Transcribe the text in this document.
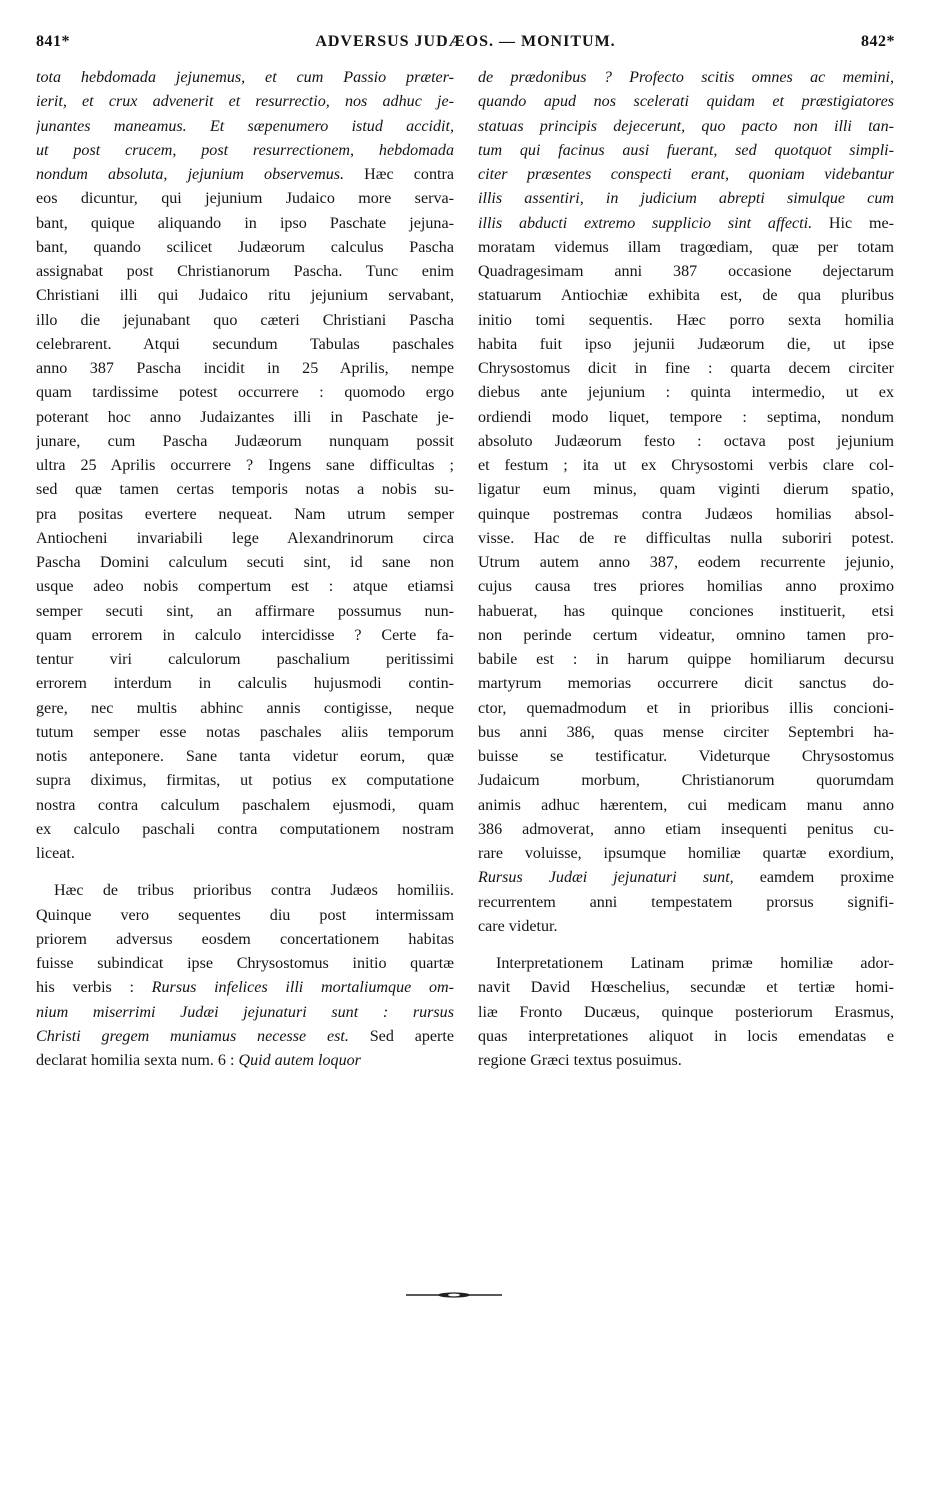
841*	ADVERSUS JUDÆOS. — MONITUM.	842*

tota hebdomada jejunemus, et cum Passio præter-
ierit, et crux advenerit et resurrectio, nos adhuc je-
junantes maneamus. Et sæpenumero istud accidit,
ut post crucem, post resurrectionem, hebdomada
nondum absoluta, jejunium observemus. Hæc contra
eos dicuntur, qui jejunium Judaico more serva-
bant, quique aliquando in ipso Paschate jejuna-
bant, quando scilicet Judæorum calculus Pascha
assignabat post Christianorum Pascha. Tunc enim
Christiani illi qui Judaico ritu jejunium servabant,
illo die jejunabant quo cæteri Christiani Pascha
celebrarent. Atqui secundum Tabulas paschales
anno 387 Pascha incidit in 25 Aprilis, nempe
quam tardissime potest occurrere : quomodo ergo
poterant hoc anno Judaizantes illi in Paschate je-
junare, cum Pascha Judæorum nunquam possit
ultra 25 Aprilis occurrere ? Ingens sane difficultas ;
sed quæ tamen certas temporis notas a nobis su-
pra positas evertere nequeat. Nam utrum semper
Antiocheni invariabili lege Alexandrinorum circa
Pascha Domini calculum secuti sint, id sane non
usque adeo nobis compertum est : atque etiamsi
semper secuti sint, an affirmare possumus nun-
quam errorem in calculo intercidisse ? Certe fa-
tentur viri calculorum paschalium peritissimi
errorem interdum in calculis hujusmodi contin-
gere, nec multis abhinc annis contigisse, neque
tutum semper esse notas paschales aliis temporum
notis anteponere. Sane tanta videtur eorum, quæ
supra diximus, firmitas, ut potius ex computatione
nostra contra calculum paschalem ejusmodi, quam
ex calculo paschali contra computationem nostram
liceat.

Hæc de tribus prioribus contra Judæos homiliis.
Quinque vero sequentes diu post intermissam
priorem adversus eosdem concertationem habitas
fuisse subindicat ipse Chrysostomus initio quartæ
his verbis : Rursus infelices illi mortaliumque om-
nium miserrimi Judæi jejunaturi sunt : rursus
Christi gregem muniamus necesse est. Sed aperte
declarat homilia sexta num. 6 : Quid autem loquor

de prædonibus ? Profecto scitis omnes ac memini,
quando apud nos scelerati quidam et præstigiatores
statuas principis dejecerunt, quo pacto non illi tan-
tum qui facinus ausi fuerant, sed quotquot simpli-
citer præsentes conspecti erant, quoniam videbantur
illis assentiri, in judicium abrepti simulque cum
illis abducti extremo supplicio sint affecti. Hic me-
moratam videmus illam tragœdiam, quæ per totam
Quadragesimam anni 387 occasione dejectarum
statuarum Antiochiæ exhibita est, de qua pluribus
initio tomi sequentis. Hæc porro sexta homilia
habita fuit ipso jejunii Judæorum die, ut ipse
Chrysostomus dicit in fine : quarta decem circiter
diebus ante jejunium : quinta intermedio, ut ex
ordiendi modo liquet, tempore : septima, nondum
absoluto Judæorum festo : octava post jejunium
et festum ; ita ut ex Chrysostomi verbis clare col-
ligatur eum minus, quam viginti dierum spatio,
quinque postremas contra Judæos homilias absol-
visse. Hac de re difficultas nulla suboriri potest.
Utrum autem anno 387, eodem recurrente jejunio,
cujus causa tres priores homilias anno proximo
habuerat, has quinque conciones instituerit, etsi
non perinde certum videatur, omnino tamen pro-
babile est : in harum quippe homiliarum decursu
martyrum memorias occurrere dicit sanctus do-
ctor, quemadmodum et in prioribus illis concioni-
bus anni 386, quas mense circiter Septembri ha-
buisse se testificatur. Videturque Chrysostomus
Judaicum morbum, Christianorum quorumdam
animis adhuc hærentem, cui medicam manu anno
386 admoverat, anno etiam insequenti penitus cu-
rare voluisse, ipsumque homiliæ quartæ exordium,
Rursus Judæi jejunaturi sunt, eamdem proxime
recurrentem anni tempestatem prorsus signifi-
care videtur.

Interpretationem Latinam primæ homiliæ ador-
navit David Hœschelius, secundæ et tertiæ homi-
liæ Fronto Ducæus, quinque posteriorum Erasmus,
quas interpretationes aliquot in locis emendatas e
regione Græci textus posuimus.
